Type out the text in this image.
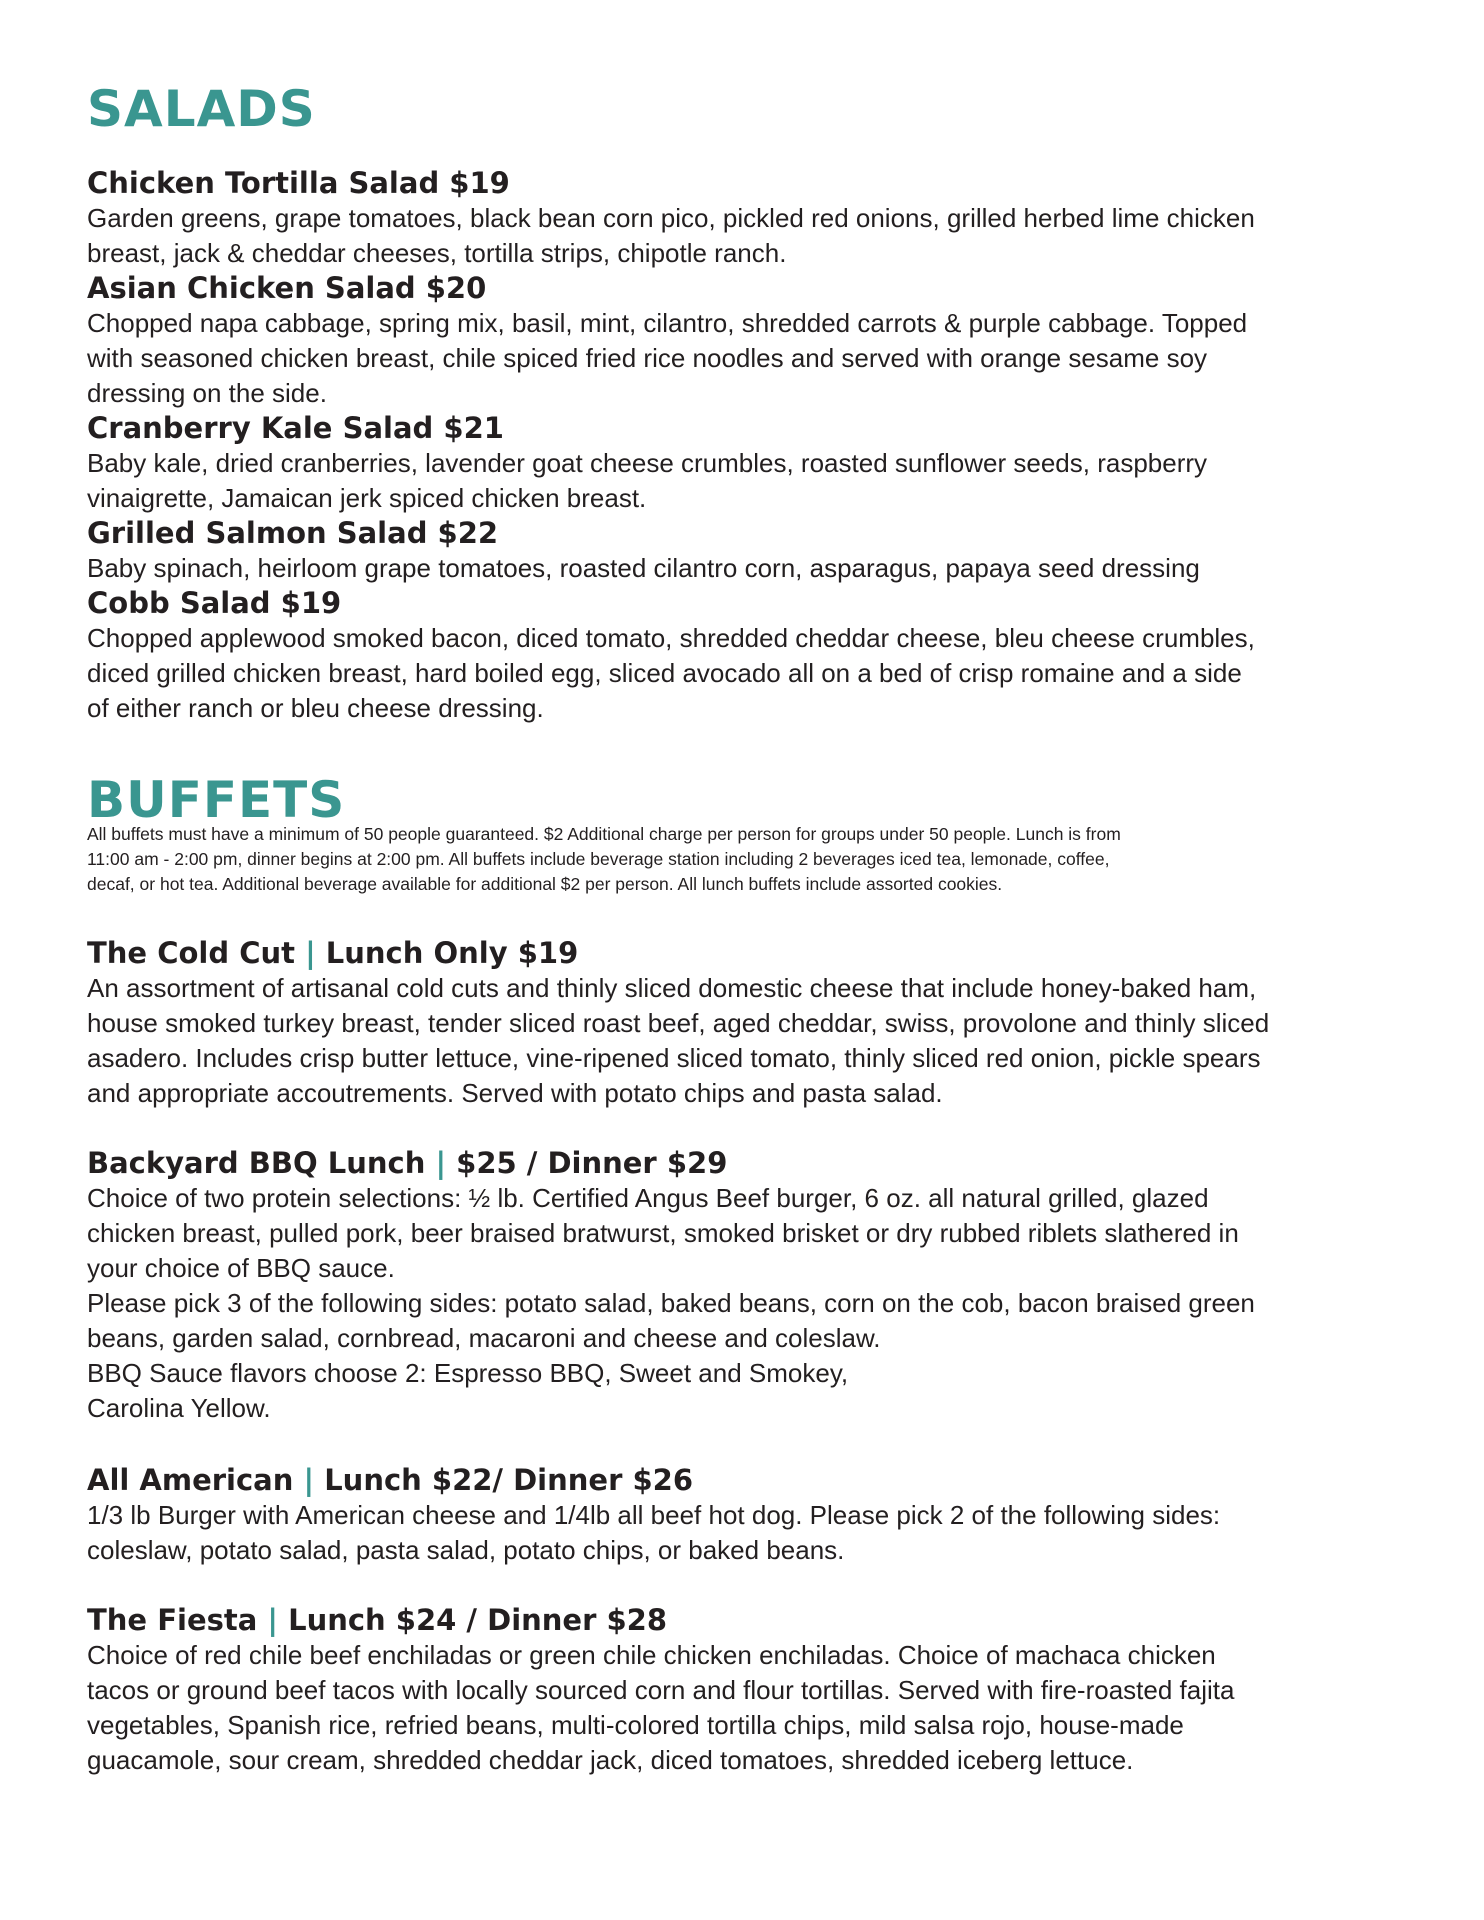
SALADS
Chicken Tortilla Salad $19

Garden greens, grape tomatoes, black bean corn pico, pickled red onions, grilled herbed lime chicken
breast, jack & cheddar cheeses, tortilla strips, chipotle ranch.

Asian Chicken Salad $20

Chopped napa cabbage, spring mix, basil, mint, cilantro, shredded carrots & purple cabbage. Topped
with seasoned chicken breast, chile spiced fried rice noodles and served with orange sesame soy
dressing on the side.

Cranberry Kale Salad $21

Baby kale, dried cranberries, lavender goat cheese crumbles, roasted sunflower seeds, raspberry
vinaigrette, Jamaican jerk spiced chicken breast.

Grilled Salmon Salad $22

Baby spinach, heirloom grape tomatoes, roasted cilantro corn, asparagus, papaya seed dressing

Cobb Salad $19

Chopped applewood smoked bacon, diced tomato, shredded cheddar cheese, bleu cheese crumbles,
diced grilled chicken breast, hard boiled egg, sliced avocado all on a bed of crisp romaine and a side
of either ranch or bleu cheese dressing.

BUFFETS

All buffets must have a minimum of 50 people guaranteed. $2 Additional charge per person for groups under 50 people. Lunch is from
11:00 am - 2:00 pm, dinner begins at 2:00 pm. All buffets include beverage station including 2 beverages iced tea, lemonade, coffee,
decaf, or hot tea. Additional beverage available for additional $2 per person. All lunch buffets include assorted cookies.

The Cold Cut | Lunch Only $19

An assortment of artisanal cold cuts and thinly sliced domestic cheese that include honey-baked ham,
house smoked turkey breast, tender sliced roast beef, aged cheddar, swiss, provolone and thinly sliced
asadero. Includes crisp butter lettuce, vine-ripened sliced tomato, thinly sliced red onion, pickle spears
and appropriate accoutrements. Served with potato chips and pasta salad.

Backyard BBQ Lunch | $25 / Dinner $29

Choice of two protein selections: ½ lb. Certified Angus Beef burger, 6 oz. all natural grilled, glazed
chicken breast, pulled pork, beer braised bratwurst, smoked brisket or dry rubbed riblets slathered in
your choice of BBQ sauce.
Please pick 3 of the following sides: potato salad, baked beans, corn on the cob, bacon braised green
beans, garden salad, cornbread, macaroni and cheese and coleslaw.
BBQ Sauce flavors choose 2: Espresso BBQ, Sweet and Smokey,
Carolina Yellow.

All American | Lunch $22/ Dinner $26

1/3 lb Burger with American cheese and 1/4lb all beef hot dog. Please pick 2 of the following sides:
coleslaw, potato salad, pasta salad, potato chips, or baked beans.

The Fiesta | Lunch $24 / Dinner $28

Choice of red chile beef enchiladas or green chile chicken enchiladas. Choice of machaca chicken
tacos or ground beef tacos with locally sourced corn and flour tortillas. Served with fire-roasted fajita
vegetables, Spanish rice, refried beans, multi-colored tortilla chips, mild salsa rojo, house-made
guacamole, sour cream, shredded cheddar jack, diced tomatoes, shredded iceberg lettuce.
